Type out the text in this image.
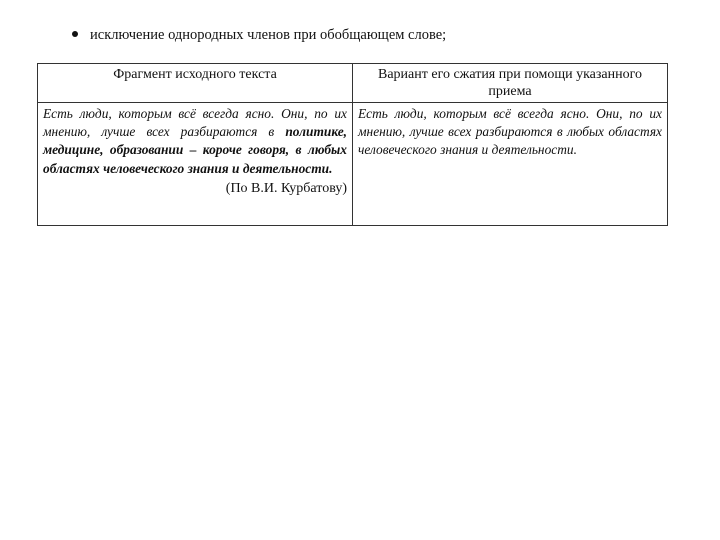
исключение однородных членов при обобщающем слове;
Фрагмент исходного текста	Вариант его сжатия при помощи указанного приема
Есть люди, которым всё всегда ясно. Они, по их мнению, лучше всех разбираются в политике, медицине, образовании – короче говоря, в любых областях человеческого знания и деятельности.
(По В.И. Курбатову)	Есть люди, которым всё всегда ясно. Они, по их мнению, лучше всех разбираются в любых областях человеческого знания и деятельности.
